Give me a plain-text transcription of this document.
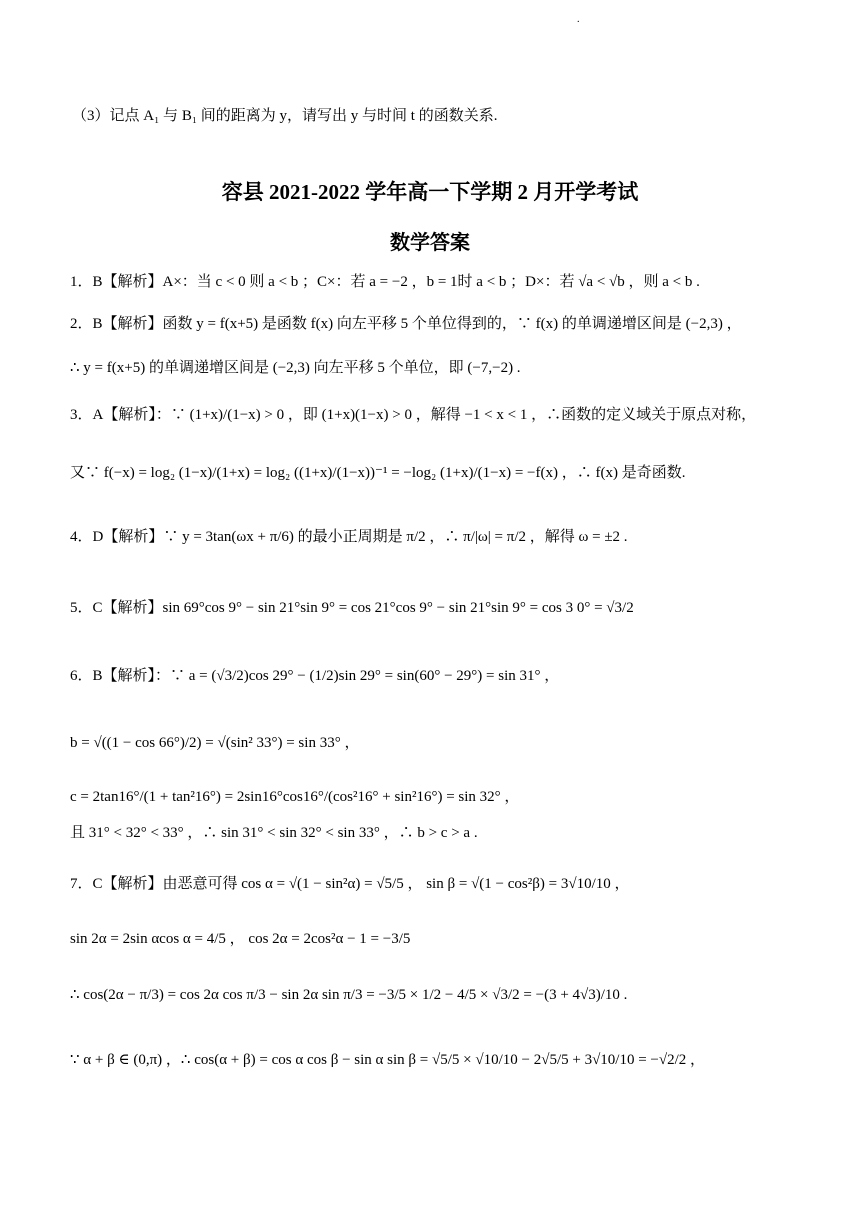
.
（3）记点 A₁ 与 B₁ 间的距离为 y，请写出 y 与时间 t 的函数关系.
容县 2021-2022 学年高一下学期 2 月开学考试
数学答案
1．B【解析】A×：当 c < 0 则 a < b ；C×：若 a = −2 ，b = 1时 a < b ；D×：若 √a < √b ，则 a < b .
2．B【解析】函数 y = f(x+5) 是函数 f(x) 向左平移 5 个单位得到的，∵ f(x) 的单调递增区间是 (−2,3) ，
∴ y = f(x+5) 的单调递增区间是 (−2,3) 向左平移 5 个单位，即 (−7,−2) .
3．A【解析】：∵ (1+x)/(1−x) > 0 ，即 (1+x)(1−x) > 0 ，解得 −1 < x < 1 ，∴函数的定义域关于原点对称，
又∵ f(−x) = log₂ (1−x)/(1+x) = log₂ ((1+x)/(1−x))⁻¹ = −log₂ (1+x)/(1−x) = −f(x) ，∴ f(x) 是奇函数.
4．D【解析】∵ y = 3tan(ωx + π/6) 的最小正周期是 π/2 ，∴ π/|ω| = π/2 ，解得 ω = ±2 .
5．C【解析】sin 69°cos 9° − sin 21°sin 9° = cos 21°cos 9° − sin 21°sin 9° = cos 3 0° = √3/2
6．B【解析】：∵ a = (√3/2)cos 29° − (1/2)sin 29° = sin(60° − 29°) = sin 31° ，
b = √((1 − cos 66°)/2) = √(sin² 33°) = sin 33° ，
c = 2tan16°/(1 + tan²16°) = 2sin16°cos16°/(cos²16° + sin²16°) = sin 32° ，
且 31° < 32° < 33° ，∴ sin 31° < sin 32° < sin 33° ，∴ b > c > a .
7．C【解析】由恶意可得 cos α = √(1 − sin²α) = √5/5 ， sin β = √(1 − cos²β) = 3√10/10 ，
sin 2α = 2sin αcos α = 4/5 ， cos 2α = 2cos²α − 1 = −3/5
∴ cos(2α − π/3) = cos 2α cos π/3 − sin 2α sin π/3 = −3/5 × 1/2 − 4/5 × √3/2 = −(3 + 4√3)/10 .
∵ α + β ∈ (0,π) ，∴ cos(α + β) = cos α cos β − sin α sin β = √5/5 × √10/10 − 2√5/5 + 3√10/10 = −√2/2 ，
